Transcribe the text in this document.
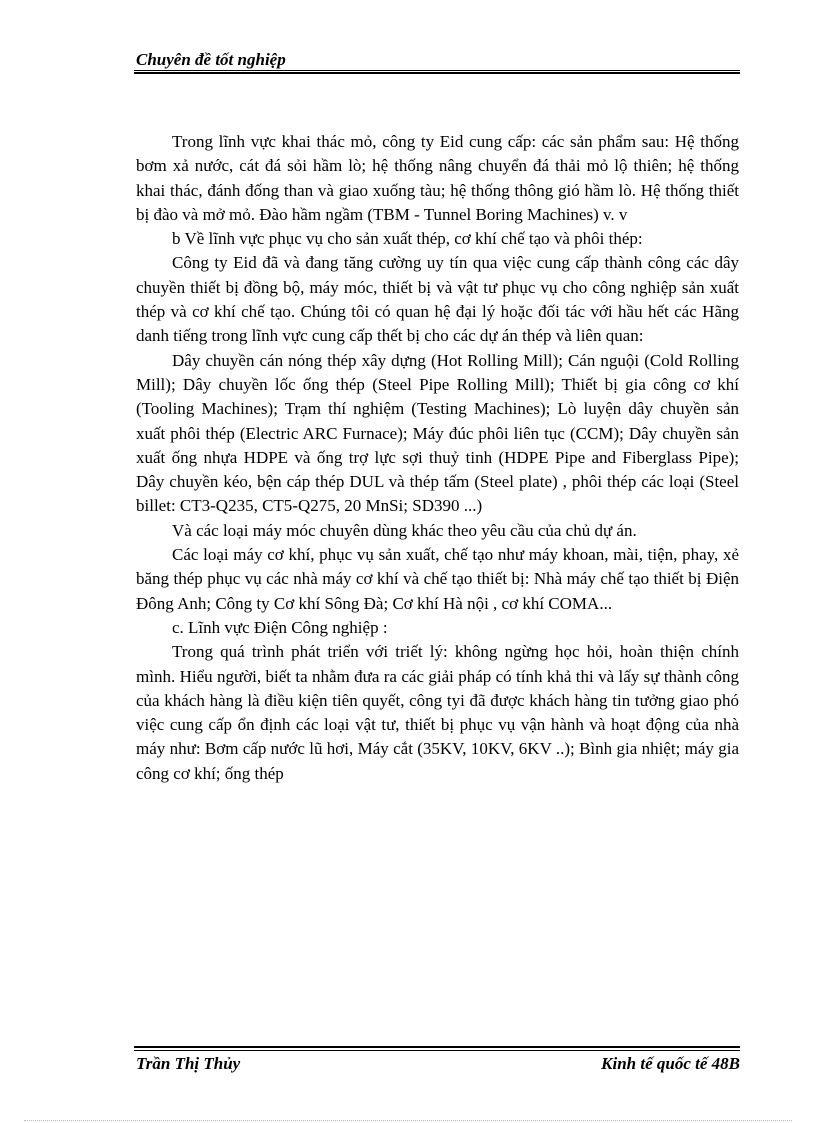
Chuyên đề tốt nghiệp

Trong lĩnh vực khai thác mỏ, công ty Eid cung cấp: các sản phẩm sau: Hệ thống bơm xả nước, cát đá sỏi hầm lò; hệ thống nâng chuyển đá thải mỏ lộ thiên; hệ thống khai thác, đánh đống than và giao xuống tàu; hệ thống thông gió hầm lò. Hệ thống thiết bị đào và mở mỏ. Đào hầm ngầm (TBM - Tunnel Boring Machines) v. v

b Về lĩnh vực phục vụ cho sản xuất thép, cơ khí chế tạo và phôi thép:

Công ty Eid đã và đang tăng cường uy tín qua việc cung cấp thành công các dây chuyền thiết bị đồng bộ, máy móc, thiết bị và vật tư phục vụ cho công nghiệp sản xuất thép và cơ khí chế tạo. Chúng tôi có quan hệ đại lý hoặc đối tác với hầu hết các Hãng danh tiếng trong lĩnh vực cung cấp thết bị cho các dự án thép và liên quan:

Dây chuyền cán nóng thép xây dựng (Hot Rolling Mill); Cán nguội (Cold Rolling Mill); Dây chuyền lốc ống thép (Steel Pipe Rolling Mill); Thiết bị gia công cơ khí (Tooling Machines); Trạm thí nghiệm (Testing Machines); Lò luyện dây chuyền sản xuất phôi thép (Electric ARC Furnace); Máy đúc phôi liên tục (CCM); Dây chuyền sản xuất ống nhựa HDPE và ống trợ lực sợi thuỷ tinh (HDPE Pipe and Fiberglass Pipe); Dây chuyền kéo, bện cáp thép DUL và thép tấm (Steel plate) , phôi thép các loại (Steel billet: CT3-Q235, CT5-Q275, 20 MnSi; SD390 ...)

Và các loại máy móc chuyên dùng khác theo yêu cầu của chủ dự án.

Các loại máy cơ khí, phục vụ sản xuất, chế tạo như máy khoan, mài, tiện, phay, xẻ băng thép phục vụ các nhà máy cơ khí và chế tạo thiết bị: Nhà máy chế tạo thiết bị Điện Đông Anh; Công ty Cơ khí Sông Đà; Cơ khí Hà nội , cơ khí COMA...

c. Lĩnh vực Điện Công nghiệp :

Trong quá trình phát triển với triết lý: không ngừng học hỏi, hoàn thiện chính mình. Hiểu người, biết ta nhằm đưa ra các giải pháp có tính khả thi và lấy sự thành công của khách hàng là điều kiện tiên quyết, công tyi đã được khách hàng tin tưởng giao phó việc cung cấp ổn định các loại vật tư, thiết bị phục vụ vận hành và hoạt động của nhà máy như: Bơm cấp nước lũ hơi, Máy cắt (35KV, 10KV, 6KV ..); Bình gia nhiệt; máy gia công cơ khí; ống thép

Trần Thị Thủy	Kinh tế quốc tế 48B
